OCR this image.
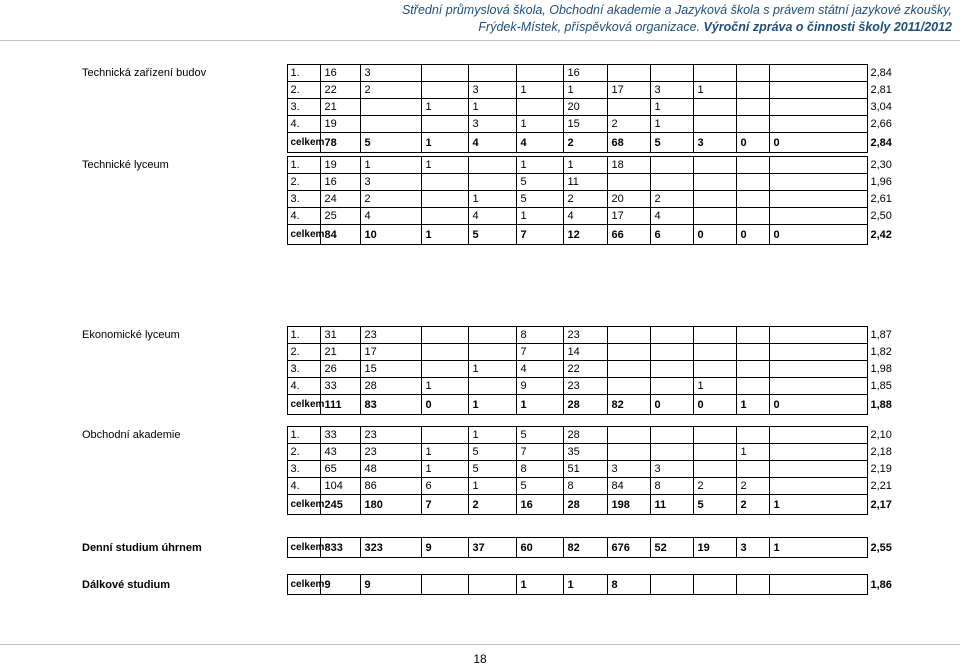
Střední průmyslová škola, Obchodní akademie a Jazyková škola s právem státní jazykové zkoušky,
Frýdek-Místek, příspěvková organizace. Výroční zpráva o činnosti školy 2011/2012
Technická zařízení budov	1.	16	3				16						2,84
	2.	22	2		3	1	1	17	3	1			2,81
	3.	21		1	1		20		1				3,04
	4.	19			3	1	15	2	1				2,66
	celkem	78	5	1	4	4	2	68	5	3	0	0	2,84
Technické lyceum	1.	19	1	1		1	1	18					2,30
	2.	16	3			5	11						1,96
	3.	24	2		1	5	2	20	2				2,61
	4.	25	4		4	1	4	17	4				2,50
	celkem	84	10	1	5	7	12	66	6	0	0	0	2,42
Ekonomické lyceum	1.	31	23			8	23						1,87
	2.	21	17			7	14						1,82
	3.	26	15		1	4	22						1,98
	4.	33	28	1		9	23			1			1,85
	celkem	111	83	0	1	1	28	82	0	0	1	0	1,88
Obchodní akademie	1.	33	23		1	5	28						2,10
	2.	43	23	1	5	7	35				1		2,18
	3.	65	48	1	5	8	51	3	3				2,19
	4.	104	86	6	1	5	8	84	8	2	2		2,21
	celkem	245	180	7	2	16	28	198	11	5	2	1	2,17
Denní studium úhrnem	celkem	833	323	9	37	60	82	676	52	19	3	1	2,55
Dálkové studium	celkem	9	9			1	1	8					1,86
18
